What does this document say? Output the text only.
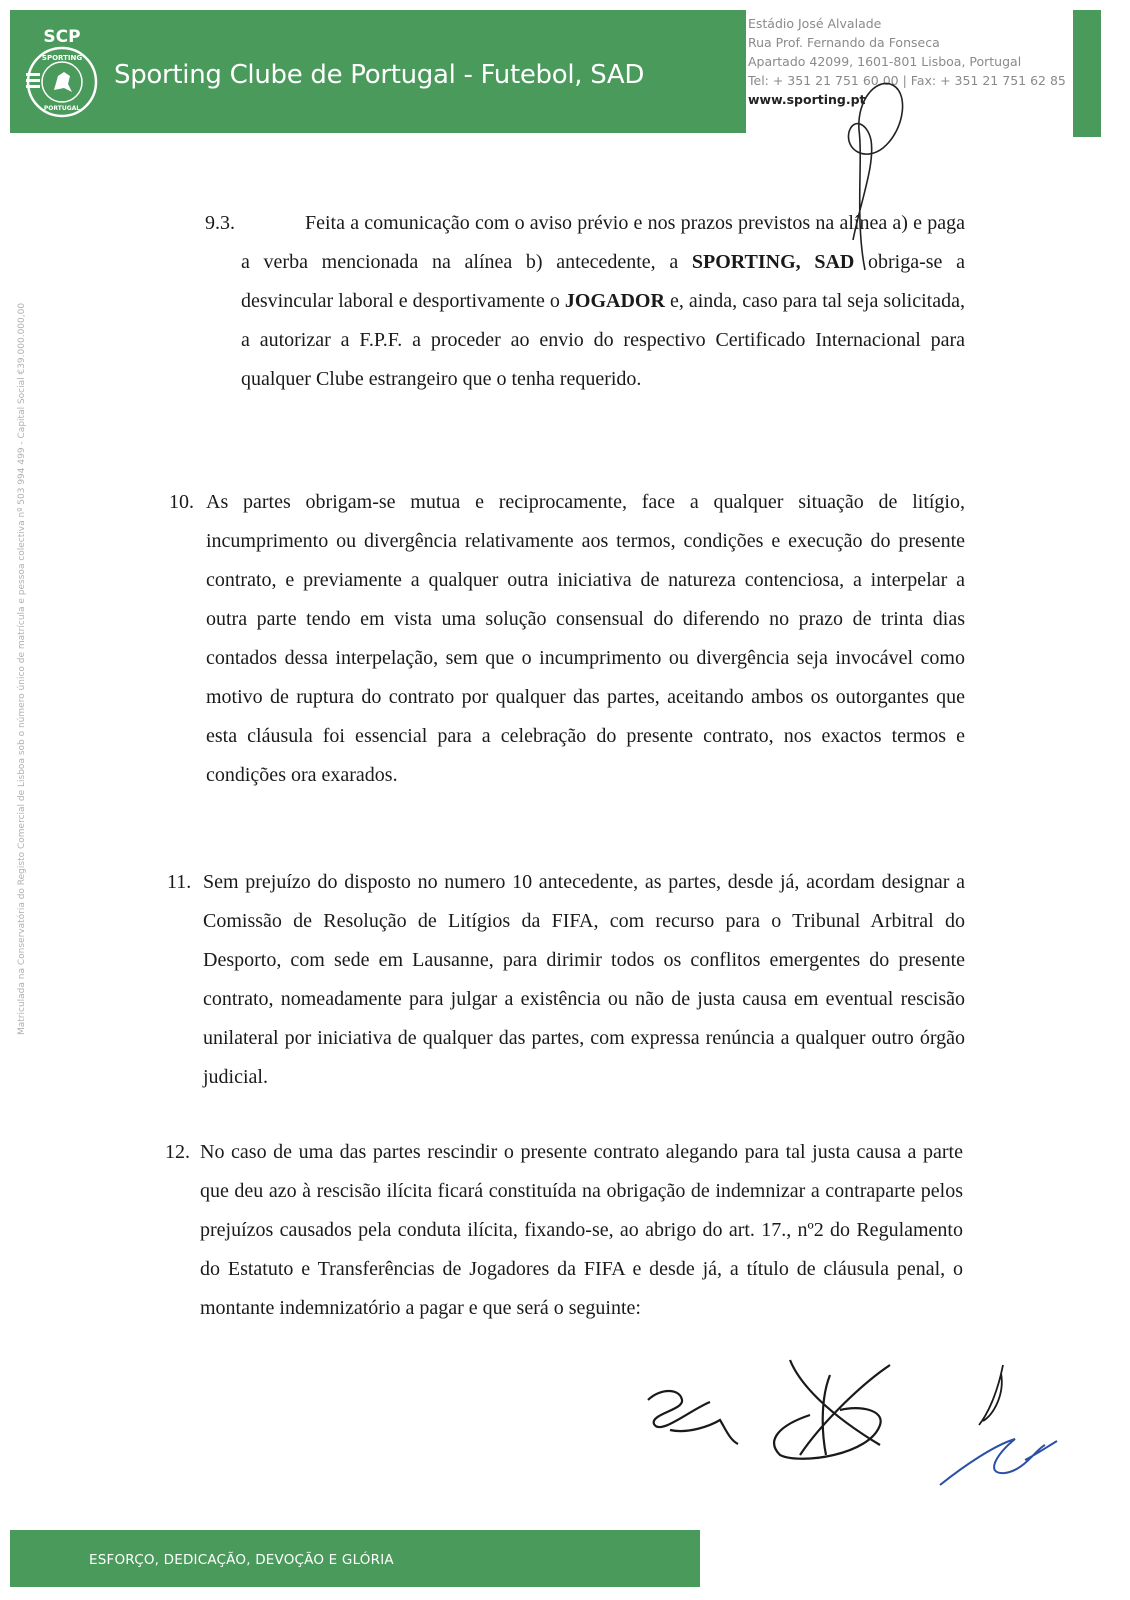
SCP
SPORTING
PORTUGAL
Sporting Clube de Portugal - Futebol, SAD
Estádio José Alvalade
Rua Prof. Fernando da Fonseca
Apartado 42099, 1601-801 Lisboa, Portugal
Tel: + 351 21 751 60 00 | Fax: + 351 21 751 62 85
www.sporting.pt
Matriculada na Conservatória do Registo Comercial de Lisboa sob o número único de matrícula e pessoa colectiva nº 503 994 499 - Capital Social €39.000.000,00

9.3.	Feita a comunicação com o aviso prévio e nos prazos previstos na alínea a) e paga a verba mencionada na alínea b) antecedente, a SPORTING, SAD obriga-se a desvincular laboral e desportivamente o JOGADOR e, ainda, caso para tal seja solicitada, a autorizar a F.P.F. a proceder ao envio do respectivo Certificado Internacional para qualquer Clube estrangeiro que o tenha requerido.

10. As partes obrigam-se mutua e reciprocamente, face a qualquer situação de litígio, incumprimento ou divergência relativamente aos termos, condições e execução do presente contrato, e previamente a qualquer outra iniciativa de natureza contenciosa, a interpelar a outra parte tendo em vista uma solução consensual do diferendo no prazo de trinta dias contados dessa interpelação, sem que o incumprimento ou divergência seja invocável como motivo de ruptura do contrato por qualquer das partes, aceitando ambos os outorgantes que esta cláusula foi essencial para a celebração do presente contrato, nos exactos termos e condições ora exarados.

11. Sem prejuízo do disposto no numero 10 antecedente, as partes, desde já, acordam designar a Comissão de Resolução de Litígios da FIFA, com recurso para o Tribunal Arbitral do Desporto, com sede em Lausanne, para dirimir todos os conflitos emergentes do presente contrato, nomeadamente para julgar a existência ou não de justa causa em eventual rescisão unilateral por iniciativa de qualquer das partes, com expressa renúncia a qualquer outro órgão judicial.

12. No caso de uma das partes rescindir o presente contrato alegando para tal justa causa a parte que deu azo à rescisão ilícita ficará constituída na obrigação de indemnizar a contraparte pelos prejuízos causados pela conduta ilícita, fixando-se, ao abrigo do art. 17., nº2 do Regulamento do Estatuto e Transferências de Jogadores da FIFA e desde já, a título de cláusula penal, o montante indemnizatório a pagar e que será o seguinte:

ESFORÇO, DEDICAÇÃO, DEVOÇÃO E GLÓRIA
